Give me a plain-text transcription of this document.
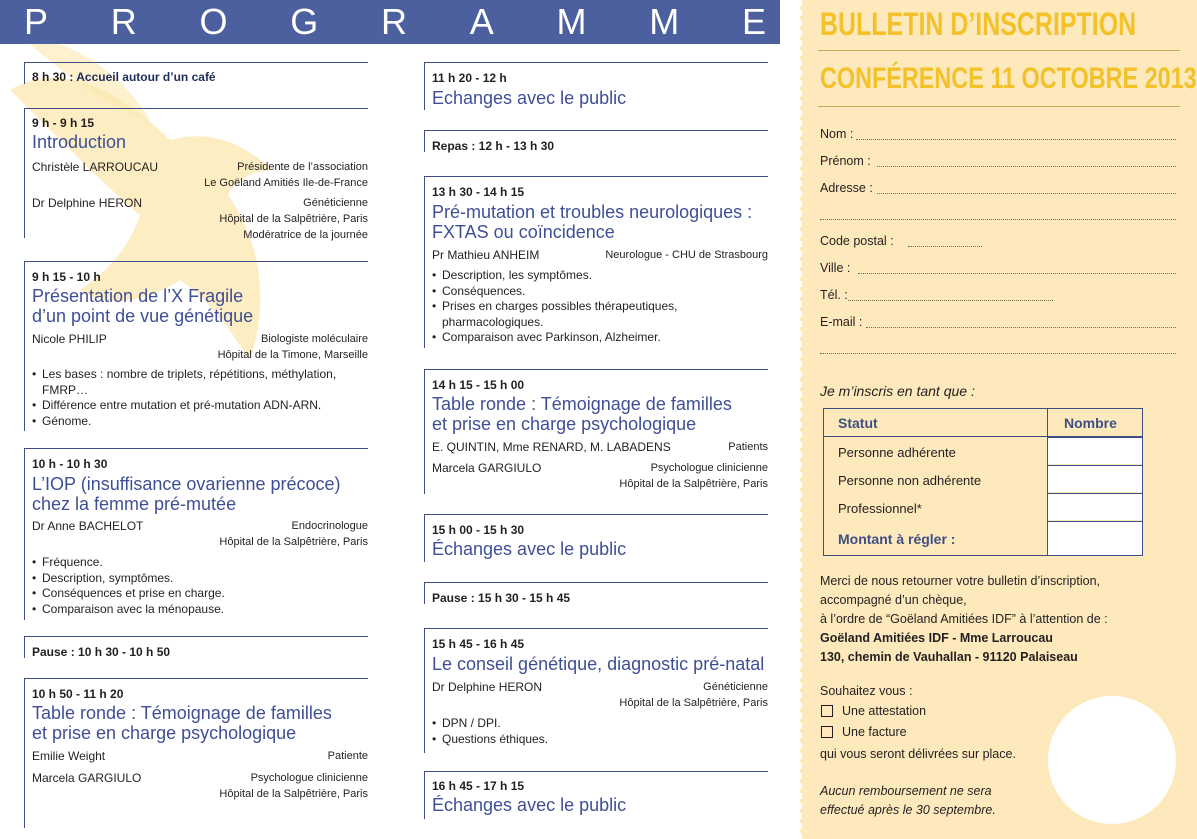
P R O G R A M M E
8 h 30 : Accueil autour d’un café
9 h - 9 h 15
Introduction
Christèle LARROUCAU	Présidente de l’association
Le Goëland Amitiés Ile-de-France
Dr Delphine HERON	Généticienne
Hôpital de la Salpêtrière, Paris
Modératrice de la journée
9 h 15 - 10 h
Présentation de l’X Fragile
d’un point de vue génétique
Nicole PHILIP	Biologiste moléculaire
Hôpital de la Timone, Marseille
• Les bases : nombre de triplets, répétitions, méthylation,
FMRP…
• Différence entre mutation et pré-mutation ADN-ARN.
• Génome.
10 h - 10 h 30
L’IOP (insuffisance ovarienne précoce)
chez la femme pré-mutée
Dr Anne BACHELOT	Endocrinologue
Hôpital de la Salpêtrière, Paris
• Fréquence.
• Description, symptômes.
• Conséquences et prise en charge.
• Comparaison avec la ménopause.
Pause : 10 h 30 - 10 h 50
10 h 50 - 11 h 20
Table ronde : Témoignage de familles
et prise en charge psychologique
Emilie Weight	Patiente
Marcela GARGIULO	Psychologue clinicienne
Hôpital de la Salpêtrière, Paris
11 h 20 - 12 h
Echanges avec le public
Repas : 12 h - 13 h 30
13 h 30 - 14 h 15
Pré-mutation et troubles neurologiques :
FXTAS ou coïncidence
Pr Mathieu ANHEIM	Neurologue - CHU de Strasbourg
• Description, les symptômes.
• Conséquences.
• Prises en charges possibles thérapeutiques,
pharmacologiques.
• Comparaison avec Parkinson, Alzheimer.
14 h 15 - 15 h 00
Table ronde : Témoignage de familles
et prise en charge psychologique
E. QUINTIN, Mme RENARD, M. LABADENS	Patients
Marcela GARGIULO	Psychologue clinicienne
Hôpital de la Salpêtrière, Paris
15 h 00 - 15 h 30
Échanges avec le public
Pause : 15 h 30 - 15 h 45
15 h 45 - 16 h 45
Le conseil génétique, diagnostic pré-natal
Dr Delphine HERON	Généticienne
Hôpital de la Salpêtrière, Paris
• DPN / DPI.
• Questions éthiques.
16 h 45 - 17 h 15
Échanges avec le public
BULLETIN D’INSCRIPTION
CONFÉRENCE 11 OCTOBRE 2013
Nom :
Prénom :
Adresse :
Code postal :
Ville :
Tél. :
E-mail :
Je m’inscris en tant que :
Statut	Nombre
Personne adhérente
Personne non adhérente
Professionnel*
Montant à régler :
Merci de nous retourner votre bulletin d’inscription,
accompagné d’un chèque,
à l’ordre de “Goëland Amitiées IDF” à l’attention de :
Goëland Amitiées IDF - Mme Larroucau
130, chemin de Vauhallan - 91120 Palaiseau
Souhaitez vous :
Une attestation
Une facture
qui vous seront délivrées sur place.
Aucun remboursement ne sera
effectué après le 30 septembre.
